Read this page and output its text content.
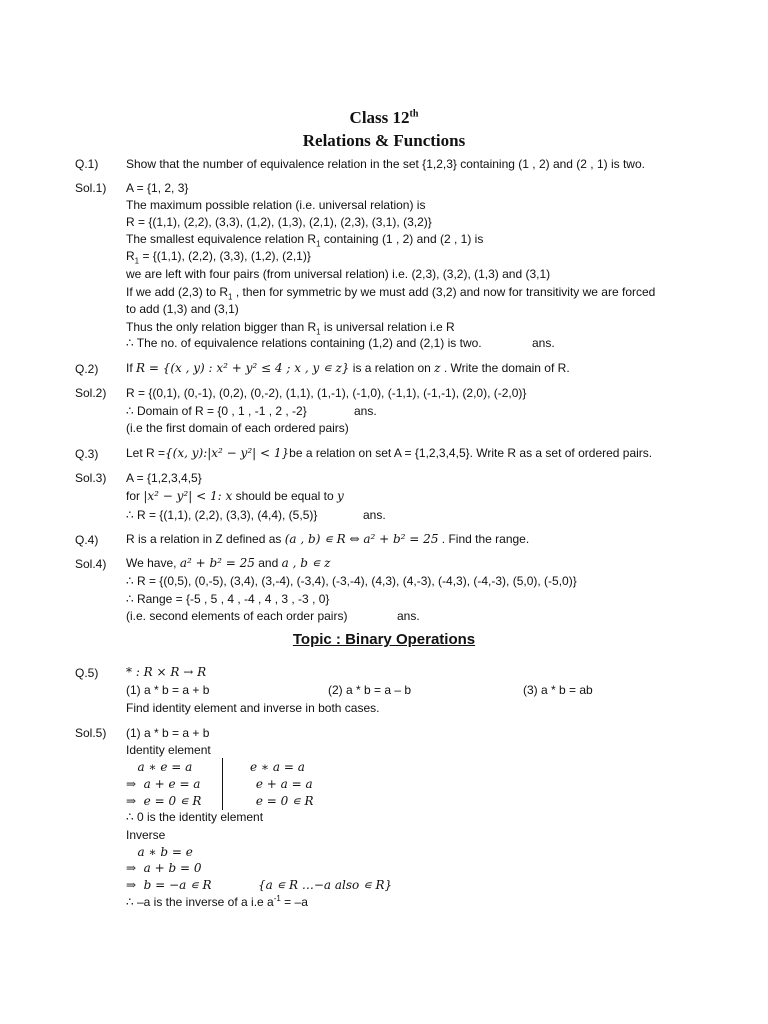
Class 12th
Relations & Functions
Q.1) Show that the number of equivalence relation in the set {1,2,3} containing (1 , 2) and (2 , 1) is two.
Sol.1) A = {1, 2, 3}
The maximum possible relation (i.e. universal relation) is
R = {(1,1), (2,2), (3,3), (1,2), (1,3), (2,1), (2,3), (3,1), (3,2)}
The smallest equivalence relation $R_1$ containing (1 , 2) and (2 , 1) is
$R_1 = \{(1,1)$, (2,2), (3,3), (1,2), (2,1)}
we are left with four pairs (from universal relation) i.e. (2,3), (3,2), (1,3) and (3,1)
If we add (2,3) to $R_1$ , then for symmetric by we must add (3,2) and now for transitivity we are forced
to add (1,3) and (3,1)
Thus the only relation bigger than $R_1$ is universal relation i.e R
∴ The no. of equivalence relations containing (1,2) and (2,1) is two.	ans.
Q.2) If R = {(x , y) : x² + y² ≤ 4 ; x , y ∊ z} is a relation on z . Write the domain of R.
Sol.2) R = {(0,1), (0,-1), (0,2), (0,-2), (1,1), (1,-1), (-1,0), (-1,1), (-1,-1), (2,0), (-2,0)}
∴ Domain of R = {0 , 1 , -1 , 2 , -2}	ans.
(i.e the first domain of each ordered pairs)
Q.3) Let R ={(x, y):|x² − y²| < 1}be a relation on set A = {1,2,3,4,5}. Write R as a set of ordered pairs.
Sol.3) A = {1,2,3,4,5}
for |x² − y²| < 1: x should be equal to y
∴ R = {(1,1), (2,2), (3,3), (4,4), (5,5)}	ans.
Q.4) R is a relation in Z defined as (a , b) ∊ R ⇔ a² + b² = 25 . Find the range.
Sol.4) We have, a² + b² = 25 and a , b ∊ z
∴ R = {(0,5), (0,-5), (3,4), (3,-4), (-3,4), (-3,-4), (4,3), (4,-3), (-4,3), (-4,-3), (5,0), (-5,0)}
∴ Range = {-5 , 5 , 4 , -4 , 4 , 3 , -3 , 0}
(i.e. second elements of each order pairs)	ans.
Topic : Binary Operations
Q.5) * : R × R → R
(1) a * b = a + b	(2) a * b = a – b	(3) a * b = ab
Find identity element and inverse in both cases.
Sol.5) (1) a * b = a + b
Identity element
a ∗ e = a
⇒  a + e = a
⇒  e = 0 ∊ R
e ∗ a = a
e + a = a
e = 0 ∊ R
∴ 0 is the identity element
Inverse
a ∗ b = e
⇒  a + b = 0
⇒  b = −a ∊ R	{a ∊ R …−a also ∊ R}
∴ –a is the inverse of a i.e $a^{-1} = -a$
